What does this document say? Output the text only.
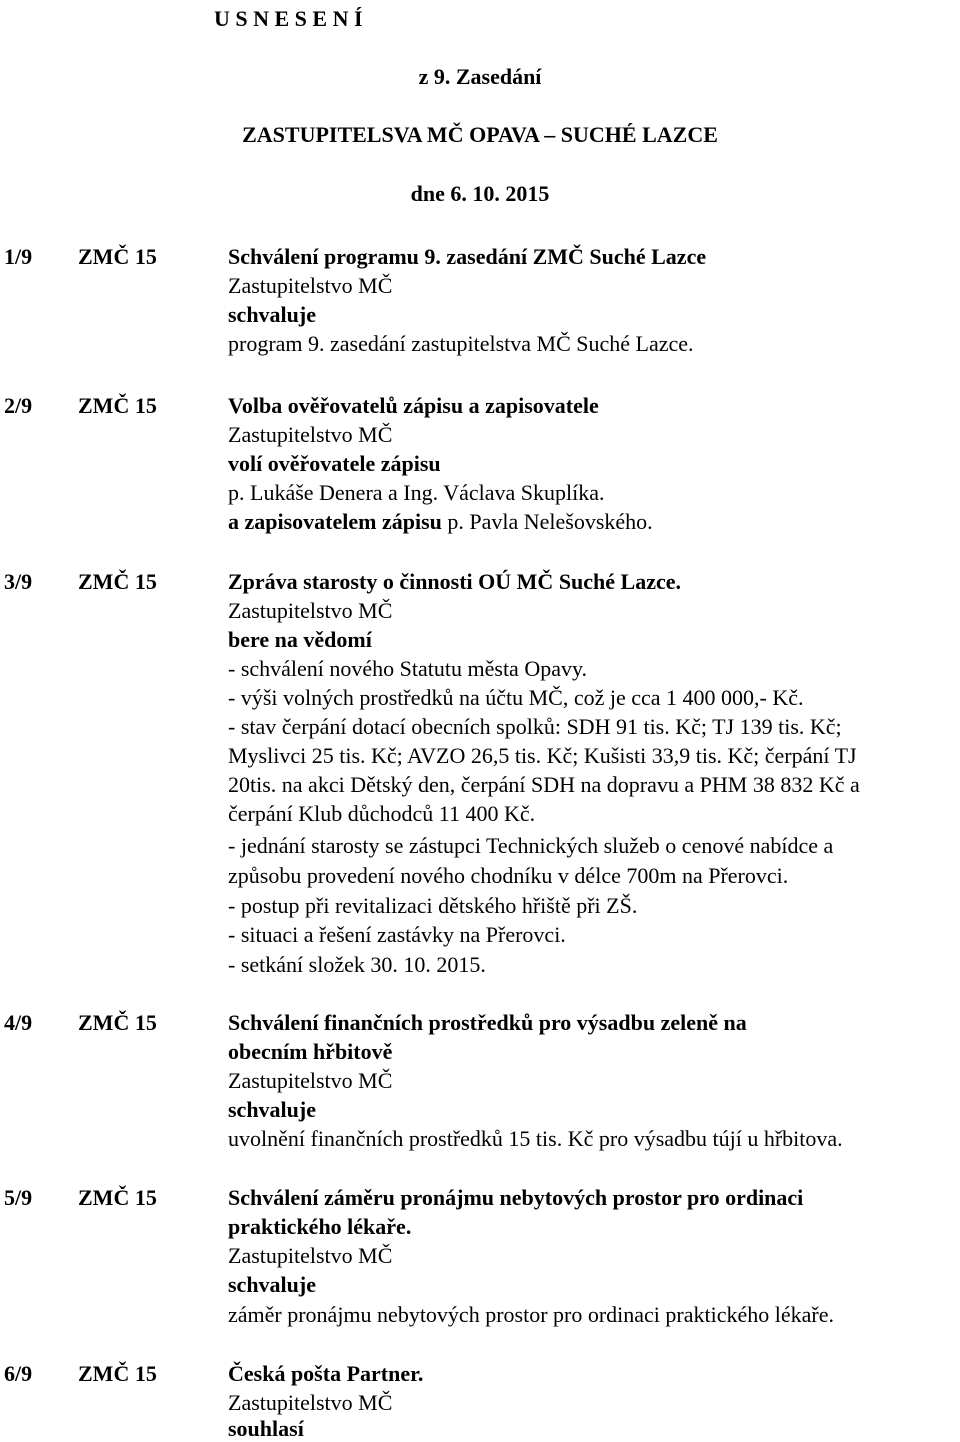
U S N E S E N Í
z 9. Zasedání
ZASTUPITELSVA MČ OPAVA – SUCHÉ LAZCE
dne 6. 10. 2015
1/9 ZMČ 15	Schválení programu 9. zasedání ZMČ Suché Lazce
Zastupitelstvo MČ
schvaluje
program 9. zasedání zastupitelstva MČ Suché Lazce.
2/9 ZMČ 15	Volba ověřovatelů zápisu a zapisovatele
Zastupitelstvo MČ
volí ověřovatele zápisu
p. Lukáše Denera a Ing. Václava Skuplíka.
a zapisovatelem zápisu p. Pavla Nelešovského.
3/9 ZMČ 15	Zpráva starosty o činnosti OÚ MČ Suché Lazce.
Zastupitelstvo MČ
bere na vědomí
- schválení nového Statutu města Opavy.
- výši volných prostředků na účtu MČ, což je cca 1 400 000,- Kč.
- stav čerpání dotací obecních spolků: SDH 91 tis. Kč; TJ 139 tis. Kč;
Myslivci 25 tis. Kč; AVZO 26,5 tis. Kč; Kušisti 33,9 tis. Kč; čerpání TJ
20tis. na akci Dětský den, čerpání SDH na dopravu a PHM 38 832 Kč a
čerpání Klub důchodců 11 400 Kč.
- jednání starosty se zástupci Technických služeb o cenové nabídce a
způsobu provedení nového chodníku v délce 700m na Přerovci.
- postup při revitalizaci dětského hřiště při ZŠ.
- situaci a řešení zastávky na Přerovci.
- setkání složek 30. 10. 2015.
4/9 ZMČ 15	Schválení finančních prostředků pro výsadbu zeleně na
obecním hřbitově
Zastupitelstvo MČ
schvaluje
uvolnění finančních prostředků 15 tis. Kč pro výsadbu tújí u hřbitova.
5/9 ZMČ 15	Schválení záměru pronájmu nebytových prostor pro ordinaci
praktického lékaře.
Zastupitelstvo MČ
schvaluje
záměr pronájmu nebytových prostor pro ordinaci praktického lékaře.
6/9 ZMČ 15	Česká pošta Partner.
Zastupitelstvo MČ
souhlasí
